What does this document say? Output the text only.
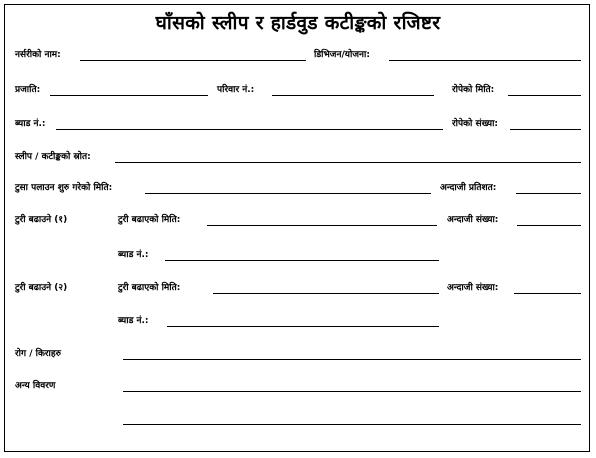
घाँसको स्लीप र हार्डवुड कटीङ्कको रजिष्टर
नर्सरीको नाम:	डिभिजन/योजना:
प्रजाति:	परिवार नं.:	रोपेको मिति:
ब्याड नं.:	रोपेको संख्या:
स्लीप / कटीङ्कको स्रोत:
टुसा पलाउन शुरु गरेको मिति:	अन्दाजी प्रतिशत:
टुरी बढाउने (१)	टुरी बढाएको मिति:	अन्दाजी संख्या:
ब्याड नं.:
टुरी बढाउने (२)	टुरी बढाएको मिति:	अन्दाजी संख्या:
ब्याड नं.:
रोग / किराहरु
अन्य विवरण
